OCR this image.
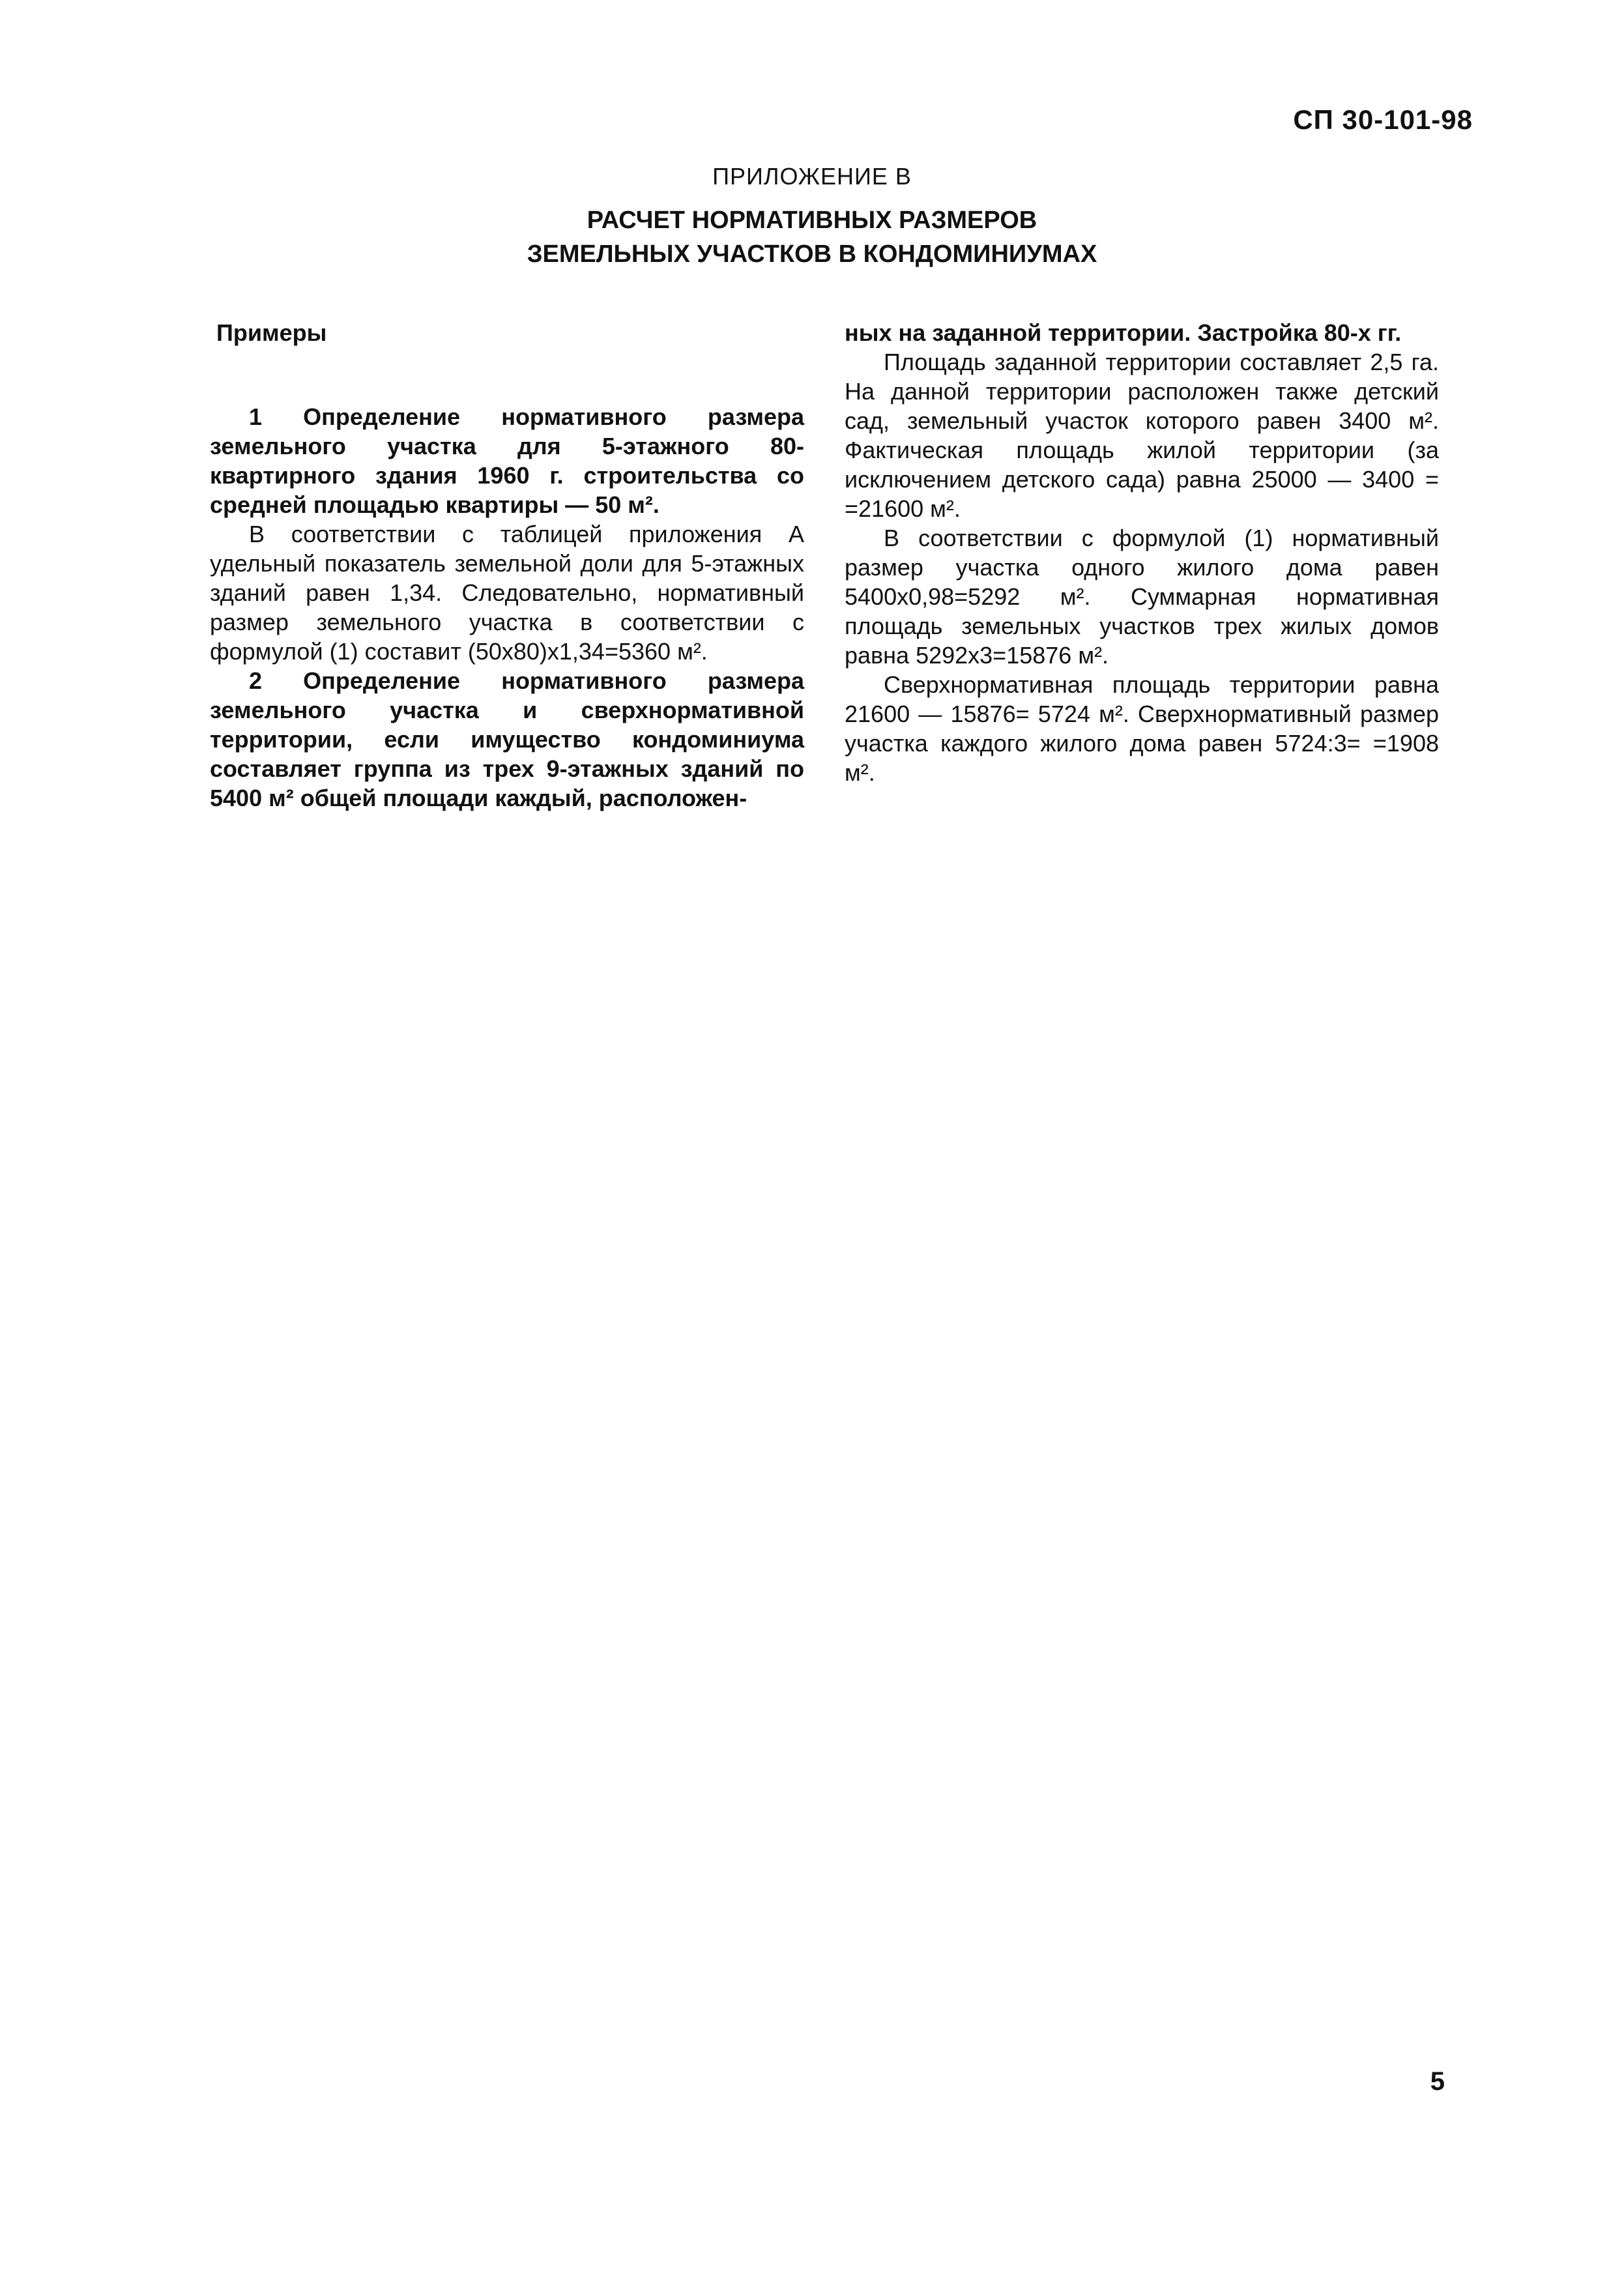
СП 30-101-98
ПРИЛОЖЕНИЕ В
РАСЧЕТ НОРМАТИВНЫХ РАЗМЕРОВ
ЗЕМЕЛЬНЫХ УЧАСТКОВ В КОНДОМИНИУМАХ

Примеры

1 Определение нормативного размера земельного участка для 5-этажного 80-квартирного здания 1960 г. строительства со средней площадью квартиры — 50 м².

В соответствии с таблицей приложения А удельный показатель земельной доли для 5-этажных зданий равен 1,34. Следовательно, нормативный размер земельного участка в соответствии с формулой (1) составит (50х80)х1,34=5360 м².

2 Определение нормативного размера земельного участка и сверхнормативной территории, если имущество кондоминиума составляет группа из трех 9-этажных зданий по 5400 м² общей площади каждый, расположен-

ных на заданной территории. Застройка 80-х гг.

Площадь заданной территории составляет 2,5 га. На данной территории расположен также детский сад, земельный участок которого равен 3400 м². Фактическая площадь жилой территории (за исключением детского сада) равна 25000 — 3400 = =21600 м².

В соответствии с формулой (1) нормативный размер участка одного жилого дома равен 5400х0,98=5292 м². Суммарная нормативная площадь земельных участков трех жилых домов равна 5292х3=15876 м².

Сверхнормативная площадь территории равна 21600 — 15876= 5724 м². Сверхнормативный размер участка каждого жилого дома равен 5724:3= =1908 м².

5
